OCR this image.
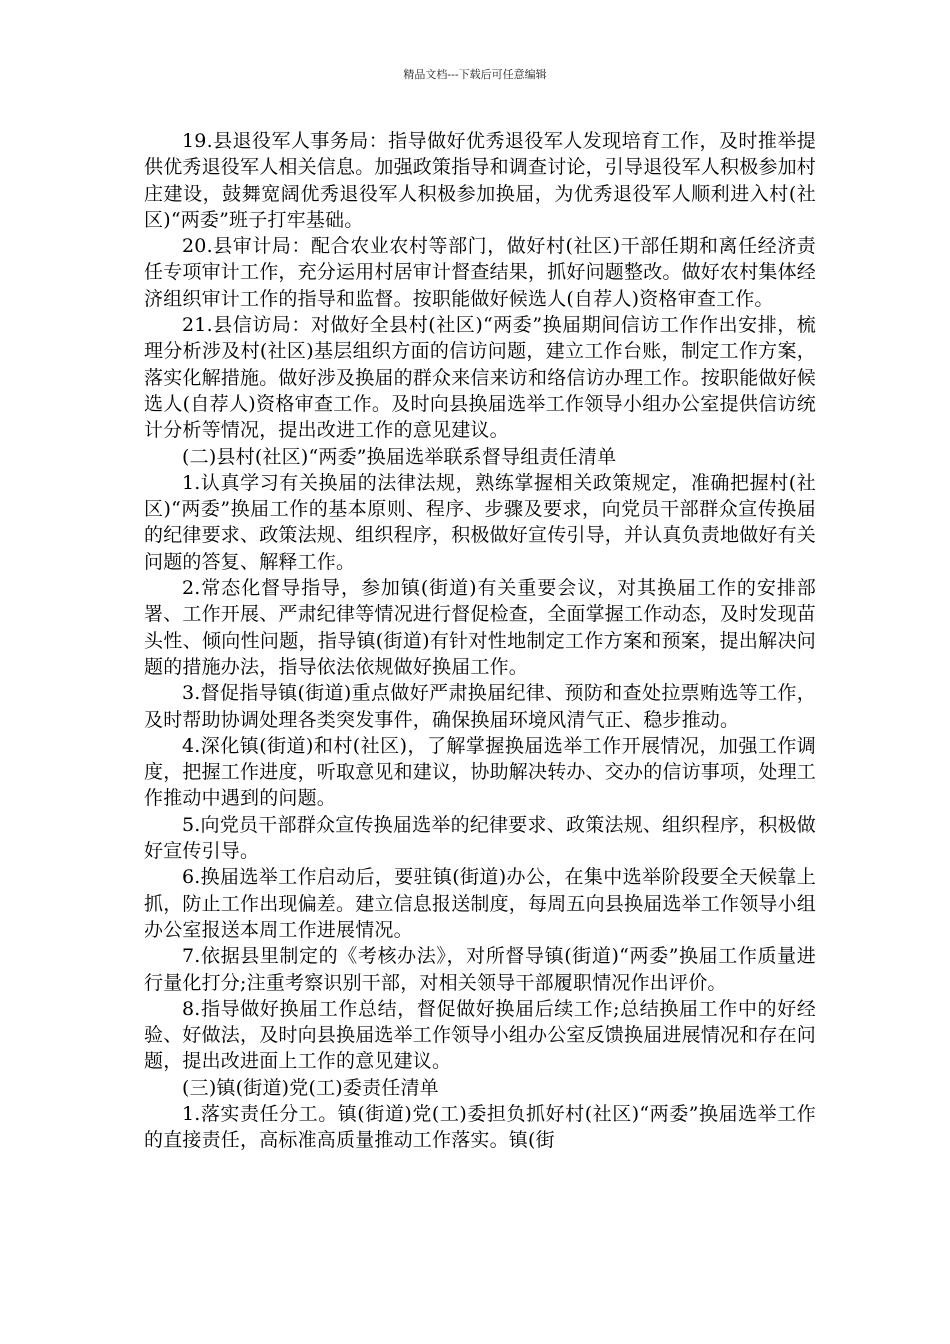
精品文档---下载后可任意编辑

19.县退役军人事务局：指导做好优秀退役军人发现培育工作，及时推举提供优秀退役军人相关信息。加强政策指导和调查讨论，引导退役军人积极参加村庄建设，鼓舞宽阔优秀退役军人积极参加换届，为优秀退役军人顺利进入村(社区)“两委”班子打牢基础。

20.县审计局：配合农业农村等部门，做好村(社区)干部任期和离任经济责任专项审计工作，充分运用村居审计督查结果，抓好问题整改。做好农村集体经济组织审计工作的指导和监督。按职能做好候选人(自荐人)资格审查工作。

21.县信访局：对做好全县村(社区)“两委”换届期间信访工作作出安排，梳理分析涉及村(社区)基层组织方面的信访问题，建立工作台账，制定工作方案，落实化解措施。做好涉及换届的群众来信来访和络信访办理工作。按职能做好候选人(自荐人)资格审查工作。及时向县换届选举工作领导小组办公室提供信访统计分析等情况，提出改进工作的意见建议。

(二)县村(社区)“两委”换届选举联系督导组责任清单

1.认真学习有关换届的法律法规，熟练掌握相关政策规定，准确把握村(社区)“两委”换届工作的基本原则、程序、步骤及要求，向党员干部群众宣传换届的纪律要求、政策法规、组织程序，积极做好宣传引导，并认真负责地做好有关问题的答复、解释工作。

2.常态化督导指导，参加镇(街道)有关重要会议，对其换届工作的安排部署、工作开展、严肃纪律等情况进行督促检查，全面掌握工作动态，及时发现苗头性、倾向性问题，指导镇(街道)有针对性地制定工作方案和预案，提出解决问题的措施办法，指导依法依规做好换届工作。

3.督促指导镇(街道)重点做好严肃换届纪律、预防和查处拉票贿选等工作，及时帮助协调处理各类突发事件，确保换届环境风清气正、稳步推动。

4.深化镇(街道)和村(社区)，了解掌握换届选举工作开展情况，加强工作调度，把握工作进度，听取意见和建议，协助解决转办、交办的信访事项，处理工作推动中遇到的问题。

5.向党员干部群众宣传换届选举的纪律要求、政策法规、组织程序，积极做好宣传引导。

6.换届选举工作启动后，要驻镇(街道)办公，在集中选举阶段要全天候靠上抓，防止工作出现偏差。建立信息报送制度，每周五向县换届选举工作领导小组办公室报送本周工作进展情况。

7.依据县里制定的《考核办法》，对所督导镇(街道)“两委”换届工作质量进行量化打分;注重考察识别干部，对相关领导干部履职情况作出评价。

8.指导做好换届工作总结，督促做好换届后续工作;总结换届工作中的好经验、好做法，及时向县换届选举工作领导小组办公室反馈换届进展情况和存在问题，提出改进面上工作的意见建议。

(三)镇(街道)党(工)委责任清单

1.落实责任分工。镇(街道)党(工)委担负抓好村(社区)“两委”换届选举工作的直接责任，高标准高质量推动工作落实。镇(街
